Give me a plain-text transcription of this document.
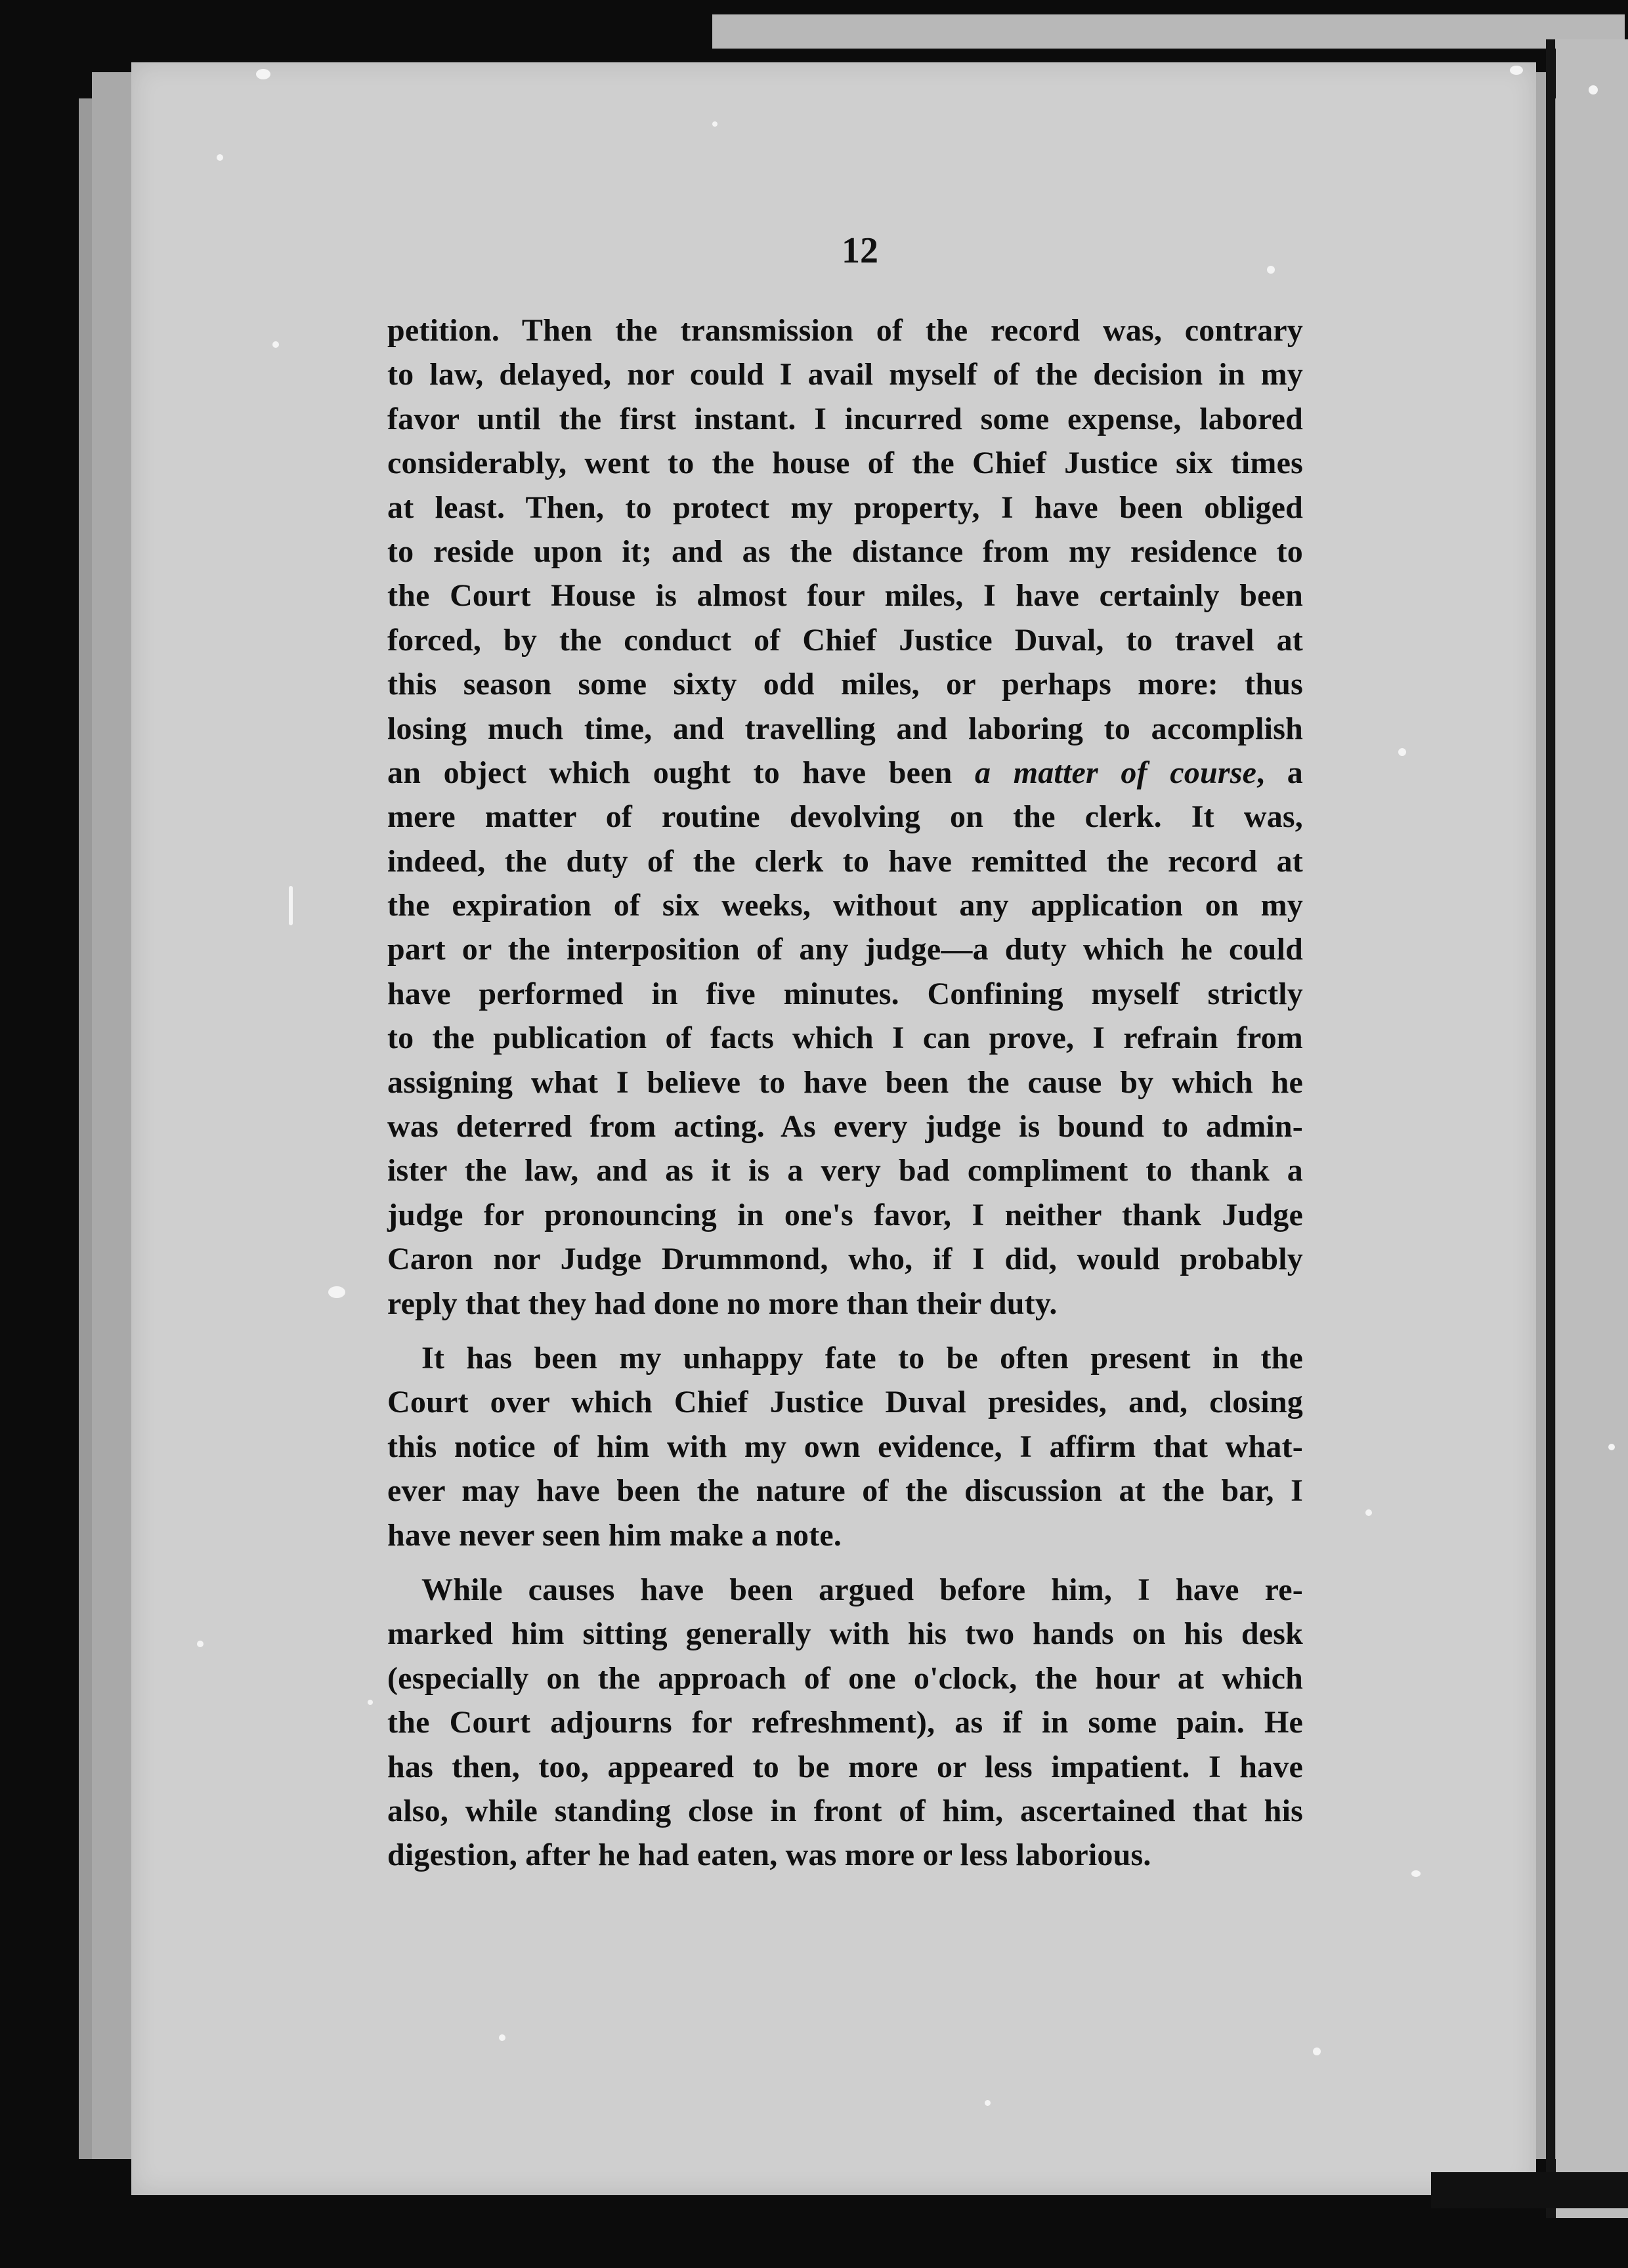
12
petition. Then the transmission of the record was, contrary
to law, delayed, nor could I avail myself of the decision in my
favor until the first instant. I incurred some expense, labored
considerably, went to the house of the Chief Justice six times
at least. Then, to protect my property, I have been obliged
to reside upon it; and as the distance from my residence to
the Court House is almost four miles, I have certainly been
forced, by the conduct of Chief Justice Duval, to travel at
this season some sixty odd miles, or perhaps more: thus
losing much time, and travelling and laboring to accomplish
an object which ought to have been a matter of course, a
mere matter of routine devolving on the clerk. It was,
indeed, the duty of the clerk to have remitted the record at
the expiration of six weeks, without any application on my
part or the interposition of any judge—a duty which he could
have performed in five minutes. Confining myself strictly
to the publication of facts which I can prove, I refrain from
assigning what I believe to have been the cause by which he
was deterred from acting. As every judge is bound to admin-
ister the law, and as it is a very bad compliment to thank a
judge for pronouncing in one's favor, I neither thank Judge
Caron nor Judge Drummond, who, if I did, would probably
reply that they had done no more than their duty.
It has been my unhappy fate to be often present in the
Court over which Chief Justice Duval presides, and, closing
this notice of him with my own evidence, I affirm that what-
ever may have been the nature of the discussion at the bar, I
have never seen him make a note.
While causes have been argued before him, I have re-
marked him sitting generally with his two hands on his desk
(especially on the approach of one o'clock, the hour at which
the Court adjourns for refreshment), as if in some pain. He
has then, too, appeared to be more or less impatient. I have
also, while standing close in front of him, ascertained that his
digestion, after he had eaten, was more or less laborious.
